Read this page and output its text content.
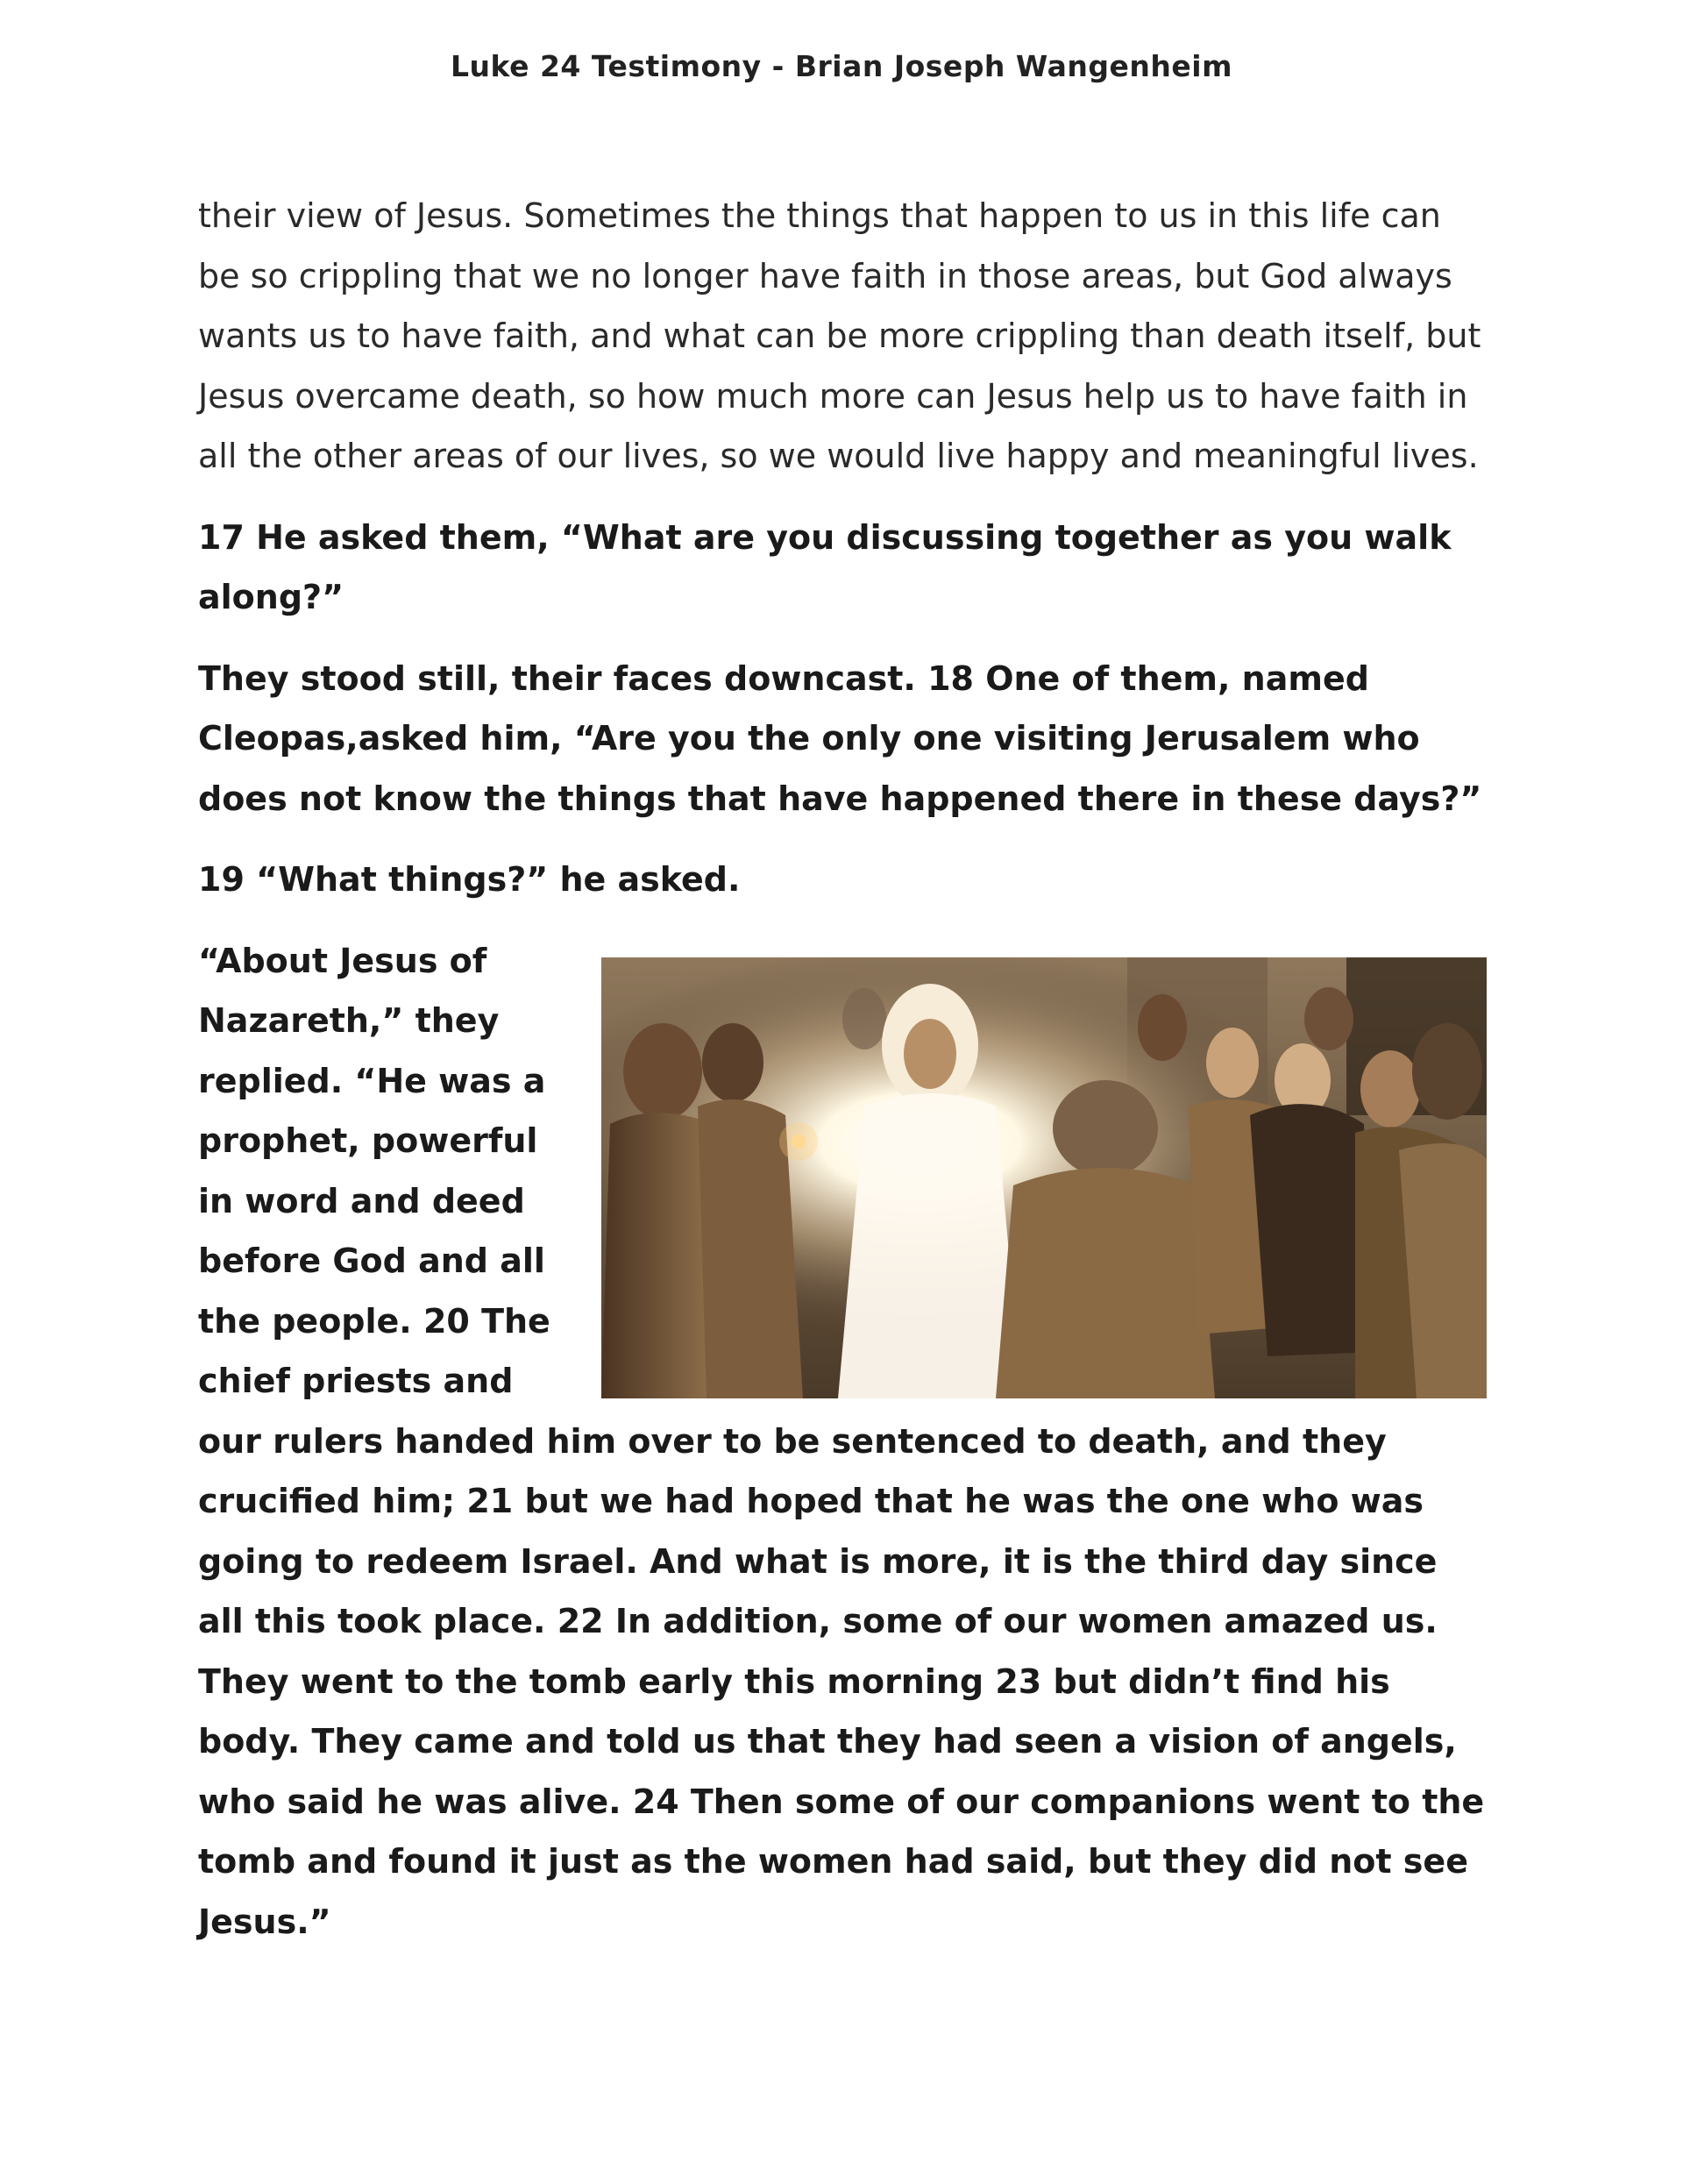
Luke 24 Testimony - Brian Joseph Wangenheim

their view of Jesus. Sometimes the things that happen to us in this life can be so crippling that we no longer have faith in those areas, but God always wants us to have faith, and what can be more crippling than death itself, but Jesus overcame death, so how much more can Jesus help us to have faith in all the other areas of our lives, so we would live happy and meaningful lives.

17 He asked them, “What are you discussing together as you walk along?”

They stood still, their faces downcast. 18 One of them, named Cleopas,asked him, “Are you the only one visiting Jerusalem who does not know the things that have happened there in these days?”

19 “What things?” he asked.

“About Jesus of Nazareth,” they replied. “He was a prophet, powerful in word and deed before God and all the people. 20 The chief priests and our rulers handed him over to be sentenced to death, and they crucified him; 21 but we had hoped that he was the one who was going to redeem Israel. And what is more, it is the third day since all this took place. 22 In addition, some of our women amazed us. They went to the tomb early this morning 23 but didn’t find his body. They came and told us that they had seen a vision of angels, who said he was alive. 24 Then some of our companions went to the tomb and found it just as the women had said, but they did not see Jesus.”
